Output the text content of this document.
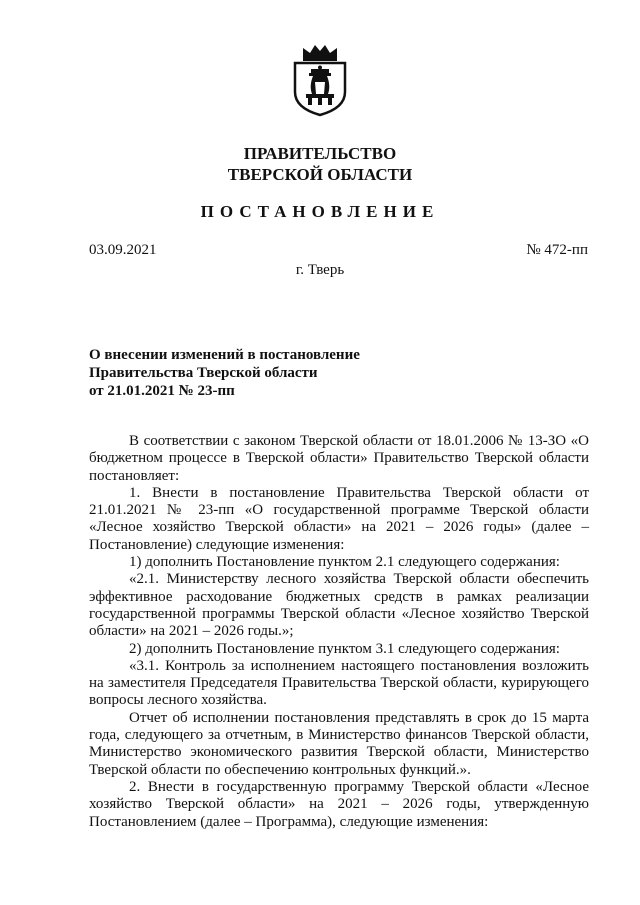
ПРАВИТЕЛЬСТВО
ТВЕРСКОЙ ОБЛАСТИ
ПОСТАНОВЛЕНИЕ
03.09.2021	№ 472-пп
г. Тверь
О внесении изменений в постановление
Правительства Тверской области
от 21.01.2021 № 23-пп

В соответствии с законом Тверской области от 18.01.2006 № 13-ЗО «О бюджетном процессе в Тверской области» Правительство Тверской области постановляет:

1. Внести в постановление Правительства Тверской области от 21.01.2021 № 23-пп «О государственной программе Тверской области «Лесное хозяйство Тверской области» на 2021 – 2026 годы» (далее – Постановление) следующие изменения:

1) дополнить Постановление пунктом 2.1 следующего содержания:

«2.1. Министерству лесного хозяйства Тверской области обеспечить эффективное расходование бюджетных средств в рамках реализации государственной программы Тверской области «Лесное хозяйство Тверской области» на 2021 – 2026 годы.»;

2) дополнить Постановление пунктом 3.1 следующего содержания:

«3.1. Контроль за исполнением настоящего постановления возложить на заместителя Председателя Правительства Тверской области, курирующего вопросы лесного хозяйства.

Отчет об исполнении постановления представлять в срок до 15 марта года, следующего за отчетным, в Министерство финансов Тверской области, Министерство экономического развития Тверской области, Министерство Тверской области по обеспечению контрольных функций.».

2. Внести в государственную программу Тверской области «Лесное хозяйство Тверской области» на 2021 – 2026 годы, утвержденную Постановлением (далее – Программа), следующие изменения:
